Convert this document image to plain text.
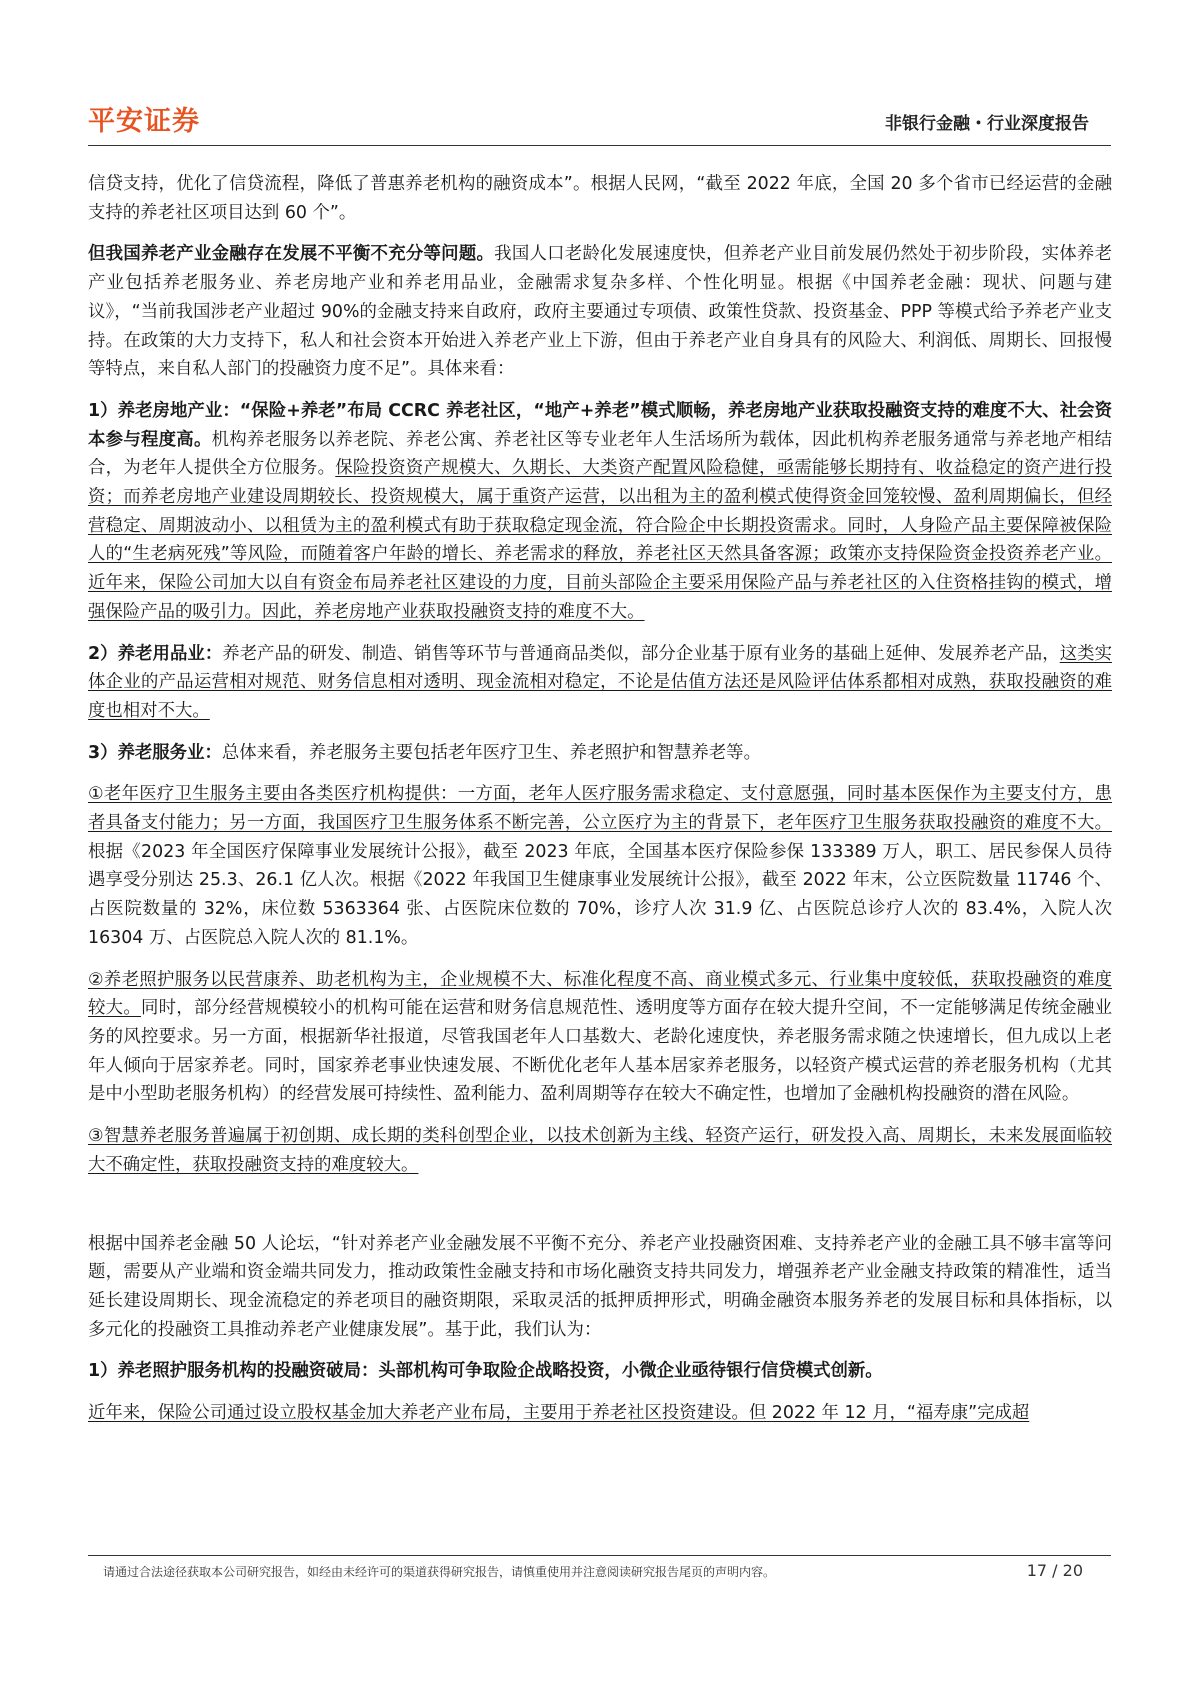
平安证券	非银行金融・行业深度报告

信贷支持，优化了信贷流程，降低了普惠养老机构的融资成本”。根据人民网，“截至 2022 年底，全国 20 多个省市已经运营的金融支持的养老社区项目达到 60 个”。

但我国养老产业金融存在发展不平衡不充分等问题。我国人口老龄化发展速度快，但养老产业目前发展仍然处于初步阶段，实体养老产业包括养老服务业、养老房地产业和养老用品业，金融需求复杂多样、个性化明显。根据《中国养老金融：现状、问题与建议》，“当前我国涉老产业超过 90%的金融支持来自政府，政府主要通过专项债、政策性贷款、投资基金、PPP 等模式给予养老产业支持。在政策的大力支持下，私人和社会资本开始进入养老产业上下游，但由于养老产业自身具有的风险大、利润低、周期长、回报慢等特点，来自私人部门的投融资力度不足”。具体来看：

1）养老房地产业：“保险+养老”布局 CCRC 养老社区，“地产+养老”模式顺畅，养老房地产业获取投融资支持的难度不大、社会资本参与程度高。机构养老服务以养老院、养老公寓、养老社区等专业老年人生活场所为载体，因此机构养老服务通常与养老地产相结合，为老年人提供全方位服务。保险投资资产规模大、久期长、大类资产配置风险稳健，亟需能够长期持有、收益稳定的资产进行投资；而养老房地产业建设周期较长、投资规模大，属于重资产运营，以出租为主的盈利模式使得资金回笼较慢、盈利周期偏长，但经营稳定、周期波动小、以租赁为主的盈利模式有助于获取稳定现金流，符合险企中长期投资需求。同时，人身险产品主要保障被保险人的“生老病死残”等风险，而随着客户年龄的增长、养老需求的释放，养老社区天然具备客源；政策亦支持保险资金投资养老产业。近年来，保险公司加大以自有资金布局养老社区建设的力度，目前头部险企主要采用保险产品与养老社区的入住资格挂钩的模式，增强保险产品的吸引力。因此，养老房地产业获取投融资支持的难度不大。

2）养老用品业：养老产品的研发、制造、销售等环节与普通商品类似，部分企业基于原有业务的基础上延伸、发展养老产品，这类实体企业的产品运营相对规范、财务信息相对透明、现金流相对稳定，不论是估值方法还是风险评估体系都相对成熟，获取投融资的难度也相对不大。

3）养老服务业：总体来看，养老服务主要包括老年医疗卫生、养老照护和智慧养老等。

①老年医疗卫生服务主要由各类医疗机构提供：一方面，老年人医疗服务需求稳定、支付意愿强，同时基本医保作为主要支付方，患者具备支付能力；另一方面，我国医疗卫生服务体系不断完善，公立医疗为主的背景下，老年医疗卫生服务获取投融资的难度不大。根据《2023 年全国医疗保障事业发展统计公报》，截至 2023 年底，全国基本医疗保险参保 133389 万人，职工、居民参保人员待遇享受分别达 25.3、26.1 亿人次。根据《2022 年我国卫生健康事业发展统计公报》，截至 2022 年末，公立医院数量 11746 个、占医院数量的 32%，床位数 5363364 张、占医院床位数的 70%，诊疗人次 31.9 亿、占医院总诊疗人次的 83.4%，入院人次 16304 万、占医院总入院人次的 81.1%。

②养老照护服务以民营康养、助老机构为主，企业规模不大、标准化程度不高、商业模式多元、行业集中度较低，获取投融资的难度较大。同时，部分经营规模较小的机构可能在运营和财务信息规范性、透明度等方面存在较大提升空间，不一定能够满足传统金融业务的风控要求。另一方面，根据新华社报道，尽管我国老年人口基数大、老龄化速度快，养老服务需求随之快速增长，但九成以上老年人倾向于居家养老。同时，国家养老事业快速发展、不断优化老年人基本居家养老服务，以轻资产模式运营的养老服务机构（尤其是中小型助老服务机构）的经营发展可持续性、盈利能力、盈利周期等存在较大不确定性，也增加了金融机构投融资的潜在风险。

③智慧养老服务普遍属于初创期、成长期的类科创型企业，以技术创新为主线、轻资产运行，研发投入高、周期长，未来发展面临较大不确定性，获取投融资支持的难度较大。

根据中国养老金融 50 人论坛，“针对养老产业金融发展不平衡不充分、养老产业投融资困难、支持养老产业的金融工具不够丰富等问题，需要从产业端和资金端共同发力，推动政策性金融支持和市场化融资支持共同发力，增强养老产业金融支持政策的精准性，适当延长建设周期长、现金流稳定的养老项目的融资期限，采取灵活的抵押质押形式，明确金融资本服务养老的发展目标和具体指标，以多元化的投融资工具推动养老产业健康发展”。基于此，我们认为：

1）养老照护服务机构的投融资破局：头部机构可争取险企战略投资，小微企业亟待银行信贷模式创新。

近年来，保险公司通过设立股权基金加大养老产业布局，主要用于养老社区投资建设。但 2022 年 12 月，“福寿康”完成超

请通过合法途径获取本公司研究报告，如经由未经许可的渠道获得研究报告，请慎重使用并注意阅读研究报告尾页的声明内容。	17 / 20
